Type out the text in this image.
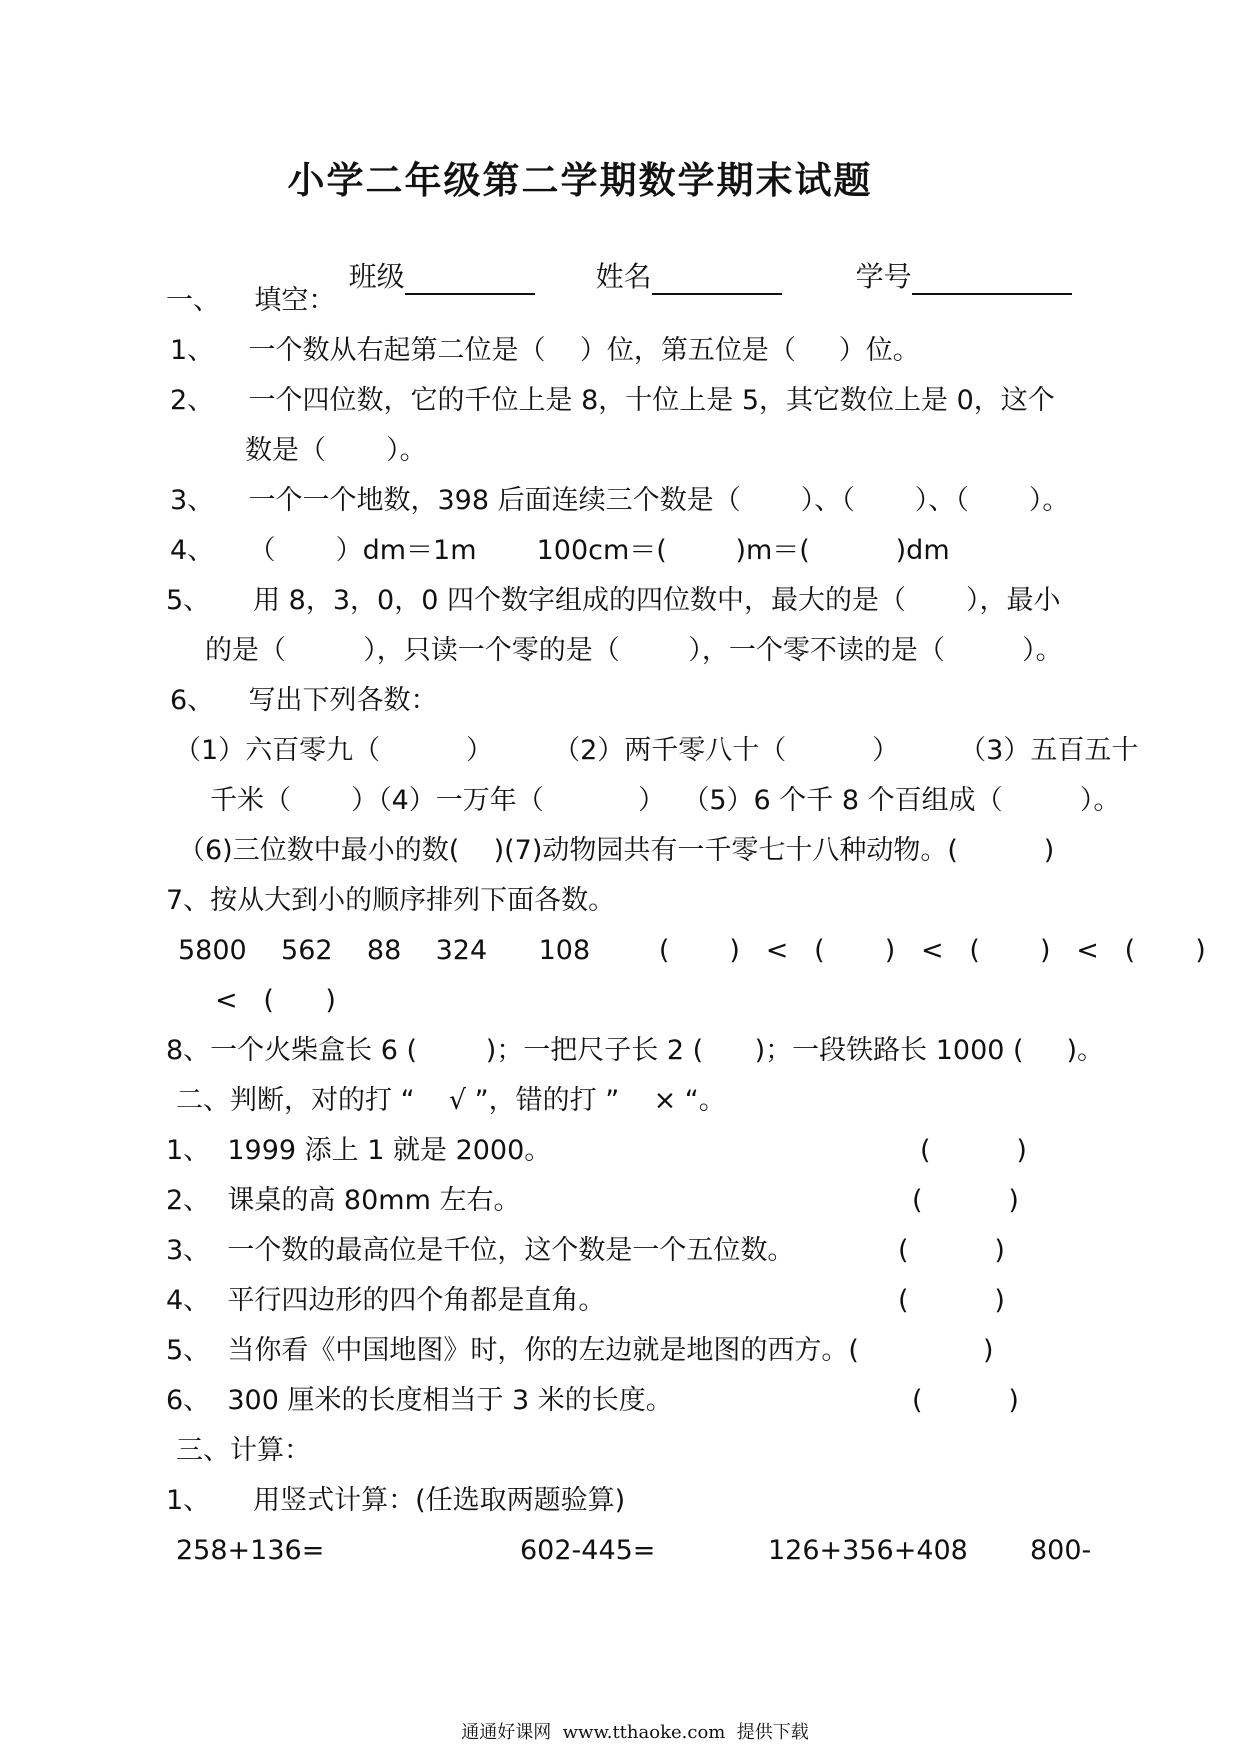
小学二年级第二学期数学期末试题

班级
	姓名
	学号

一、    填空：
1、    一个数从右起第二位是（    ）位，第五位是（     ）位。
2、    一个四位数，它的千位上是 8，十位上是 5，其它数位上是 0，这个
数是（       ）。
3、    一个一个地数，398 后面连续三个数是（       ）、（       ）、（       ）。
4、    （       ）dm＝1m       100cm＝(        )m＝(          )dm
5、     用 8，3，0，0 四个数字组成的四位数中，最大的是（       ），最小
的是（         ），只读一个零的是（        ），一个零不读的是（         ）。
6、    写出下列各数：
（1）六百零九（          ）       （2）两千零八十（          ）       （3）五百五十
千米（       ）（4）一万年（           ）  （5）6 个千 8 个百组成（         ）。
（6)三位数中最小的数(    )(7)动物园共有一千零七十八种动物。(          )
7、按从大到小的顺序排列下面各数。
5800    562    88    324      108        (       )   <   (       )   <   (       )   <   (       )
<   (      )
8、一个火柴盒长 6 (        )；一把尺子长 2 (      )；一段铁路长 1000 (     )。
二、判断，对的打 “    √ ”，错的打 ”    × “。
1、  1999 添上 1 就是 2000。	(          )
2、  课桌的高 80mm 左右。	(          )
3、  一个数的最高位是千位，这个数是一个五位数。	(          )
4、  平行四边形的四个角都是直角。	(          )
5、  当你看《中国地图》时，你的左边就是地图的西方。(	)
6、  300 厘米的长度相当于 3 米的长度。	(          )
三、计算：
1、     用竖式计算：(任选取两题验算)
258+136=	602-445=	126+356+408 800-
通通好课网  www.tthaoke.com  提供下载
